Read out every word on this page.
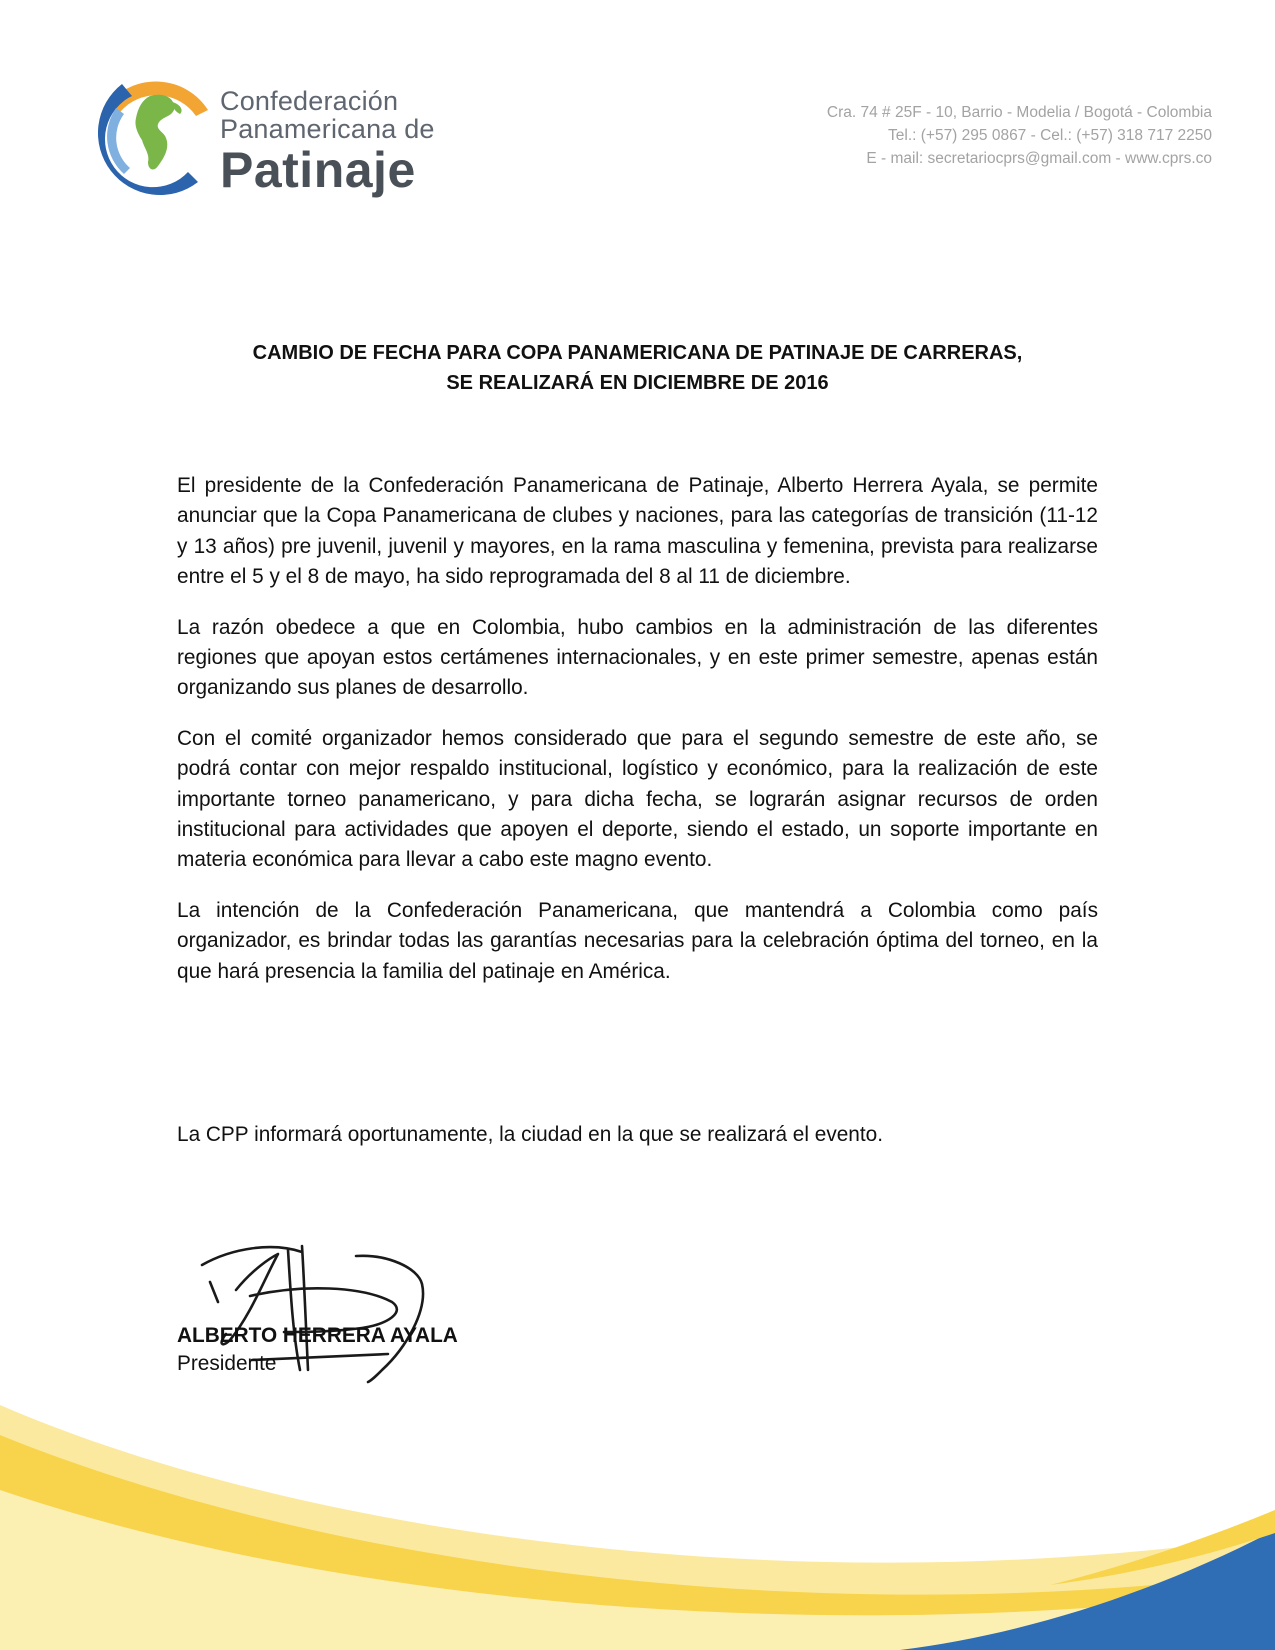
Confederación
Panamericana de
Patinaje
Cra. 74 # 25F - 10, Barrio - Modelia / Bogotá - Colombia
Tel.: (+57) 295 0867 - Cel.: (+57) 318 717 2250
E - mail: secretariocprs@gmail.com - www.cprs.co
CAMBIO DE FECHA PARA COPA PANAMERICANA DE PATINAJE DE CARRERAS,
SE REALIZARÁ EN DICIEMBRE DE 2016

El presidente de la Confederación Panamericana de Patinaje, Alberto Herrera Ayala, se permite anunciar que la Copa Panamericana de clubes y naciones, para las categorías de transición (11-12 y 13 años) pre juvenil, juvenil y mayores, en la rama masculina y femenina, prevista para realizarse entre el 5 y el 8 de mayo, ha sido reprogramada del 8 al 11 de diciembre.

La razón obedece a que en Colombia, hubo cambios en la administración de las diferentes regiones que apoyan estos certámenes internacionales, y en este primer semestre, apenas están organizando sus planes de desarrollo.

Con el comité organizador hemos considerado que para el segundo semestre de este año, se podrá contar con mejor respaldo institucional, logístico y económico, para la realización de este importante torneo panamericano, y para dicha fecha, se lograrán asignar recursos de orden institucional para actividades que apoyen el deporte, siendo el estado, un soporte importante en materia económica para llevar a cabo este magno evento.

La intención de la Confederación Panamericana, que mantendrá a Colombia como país organizador, es brindar todas las garantías necesarias para la celebración óptima del torneo, en la que hará presencia la familia del patinaje en América.

La CPP informará oportunamente, la ciudad en la que se realizará el evento.
ALBERTO HERRERA AYALA
Presidente
